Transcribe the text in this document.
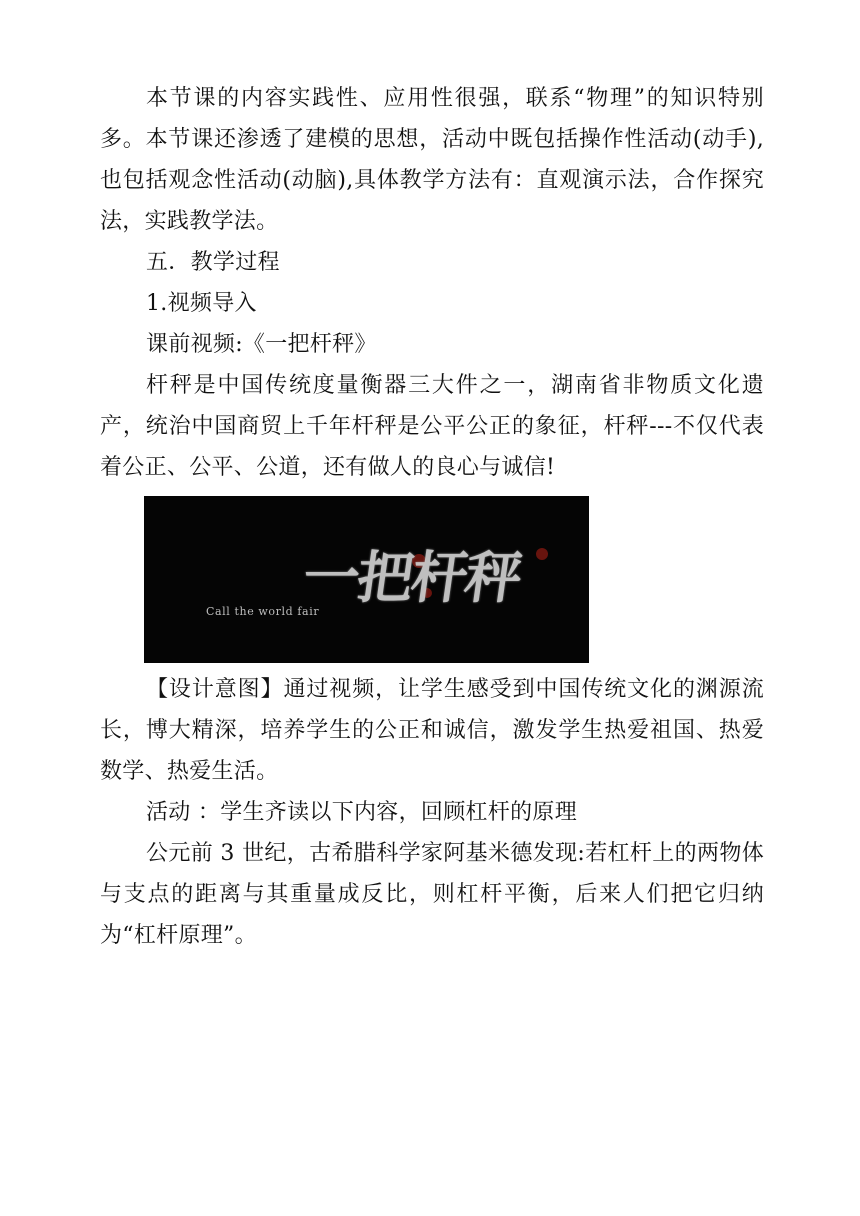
本节课的内容实践性、应用性很强，联系“物理”的知识特别多。本节课还渗透了建模的思想，活动中既包括操作性活动(动手),也包括观念性活动(动脑),具体教学方法有：直观演示法，合作探究法，实践教学法。

五．教学过程

1.视频导入

课前视频:《一把杆秤》

杆秤是中国传统度量衡器三大件之一，湖南省非物质文化遗产，统治中国商贸上千年杆秤是公平公正的象征，杆秤---不仅代表着公正、公平、公道，还有做人的良心与诚信!

一把杆秤
Call the world fair

【设计意图】通过视频，让学生感受到中国传统文化的渊源流长，博大精深，培养学生的公正和诚信，激发学生热爱祖国、热爱数学、热爱生活。

活动 ：学生齐读以下内容，回顾杠杆的原理

公元前 3 世纪，古希腊科学家阿基米德发现:若杠杆上的两物体与支点的距离与其重量成反比，则杠杆平衡，后来人们把它归纳为“杠杆原理”。
